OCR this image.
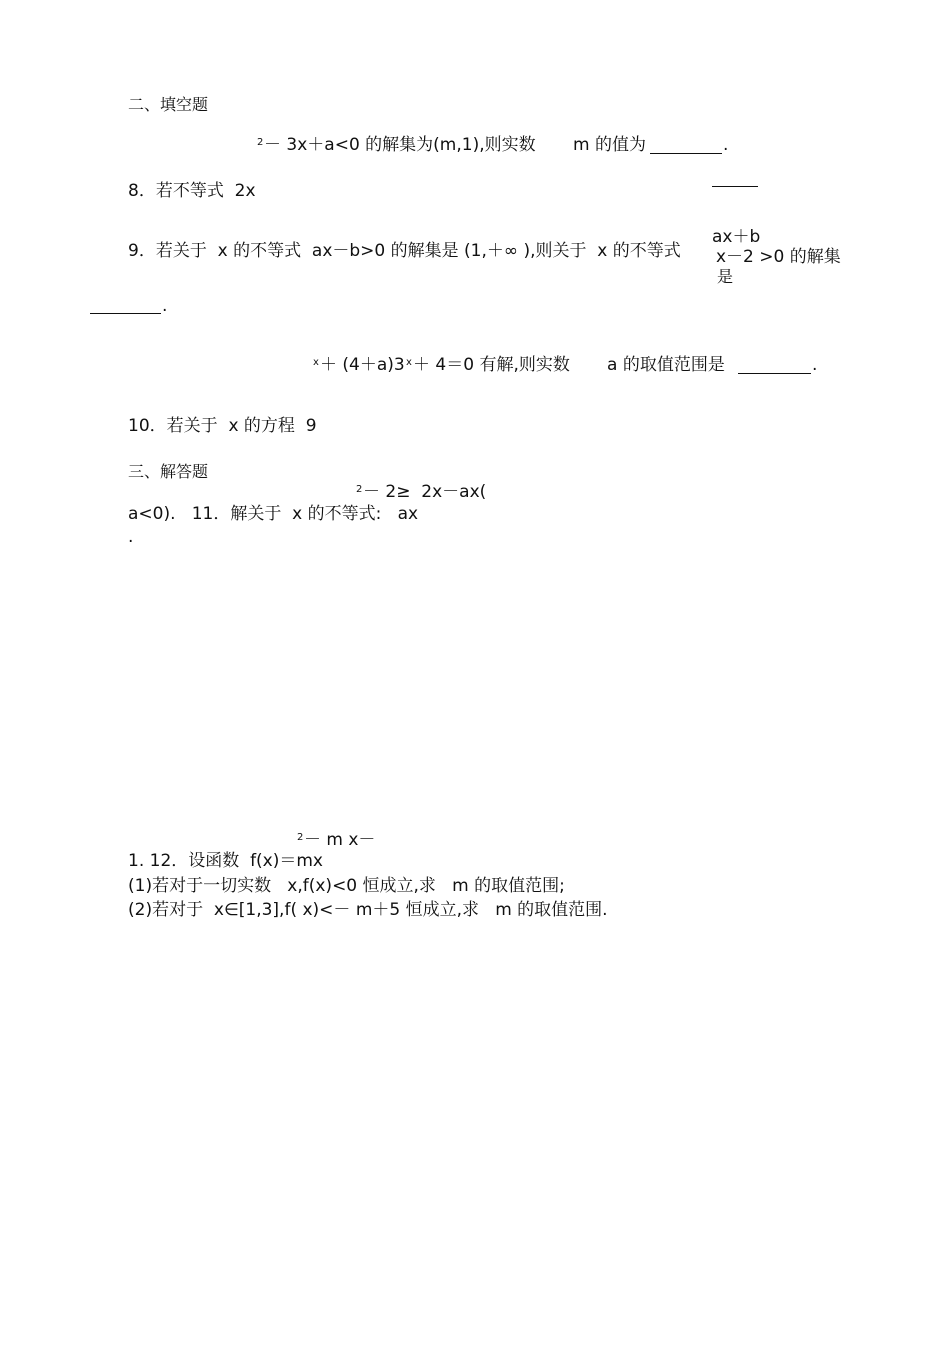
二、填空题
2 － 3x＋a<0 的解集为(m,1),则实数 m 的值为	.
8．若不等式  2x
9．若关于  x 的不等式  ax－b>0 的解集是 (1,＋∞ ),则关于  x 的不等式
ax＋b
x－2 >0 的解集
是
.
x ＋ (4＋a)3 x ＋ 4＝0 有解,则实数 a 的取值范围是	.
10．若关于  x 的方程  9
三、解答题
2 － 2≥  2x－ax(
a<0).   11．解关于  x 的不等式:   ax
.
2 － m x－
1. 12．设函数  f(x)＝mx
(1)若对于一切实数   x,f(x)<0 恒成立,求   m 的取值范围;
(2)若对于  x∈[1,3],f( x)<－ m＋5 恒成立,求   m 的取值范围.
